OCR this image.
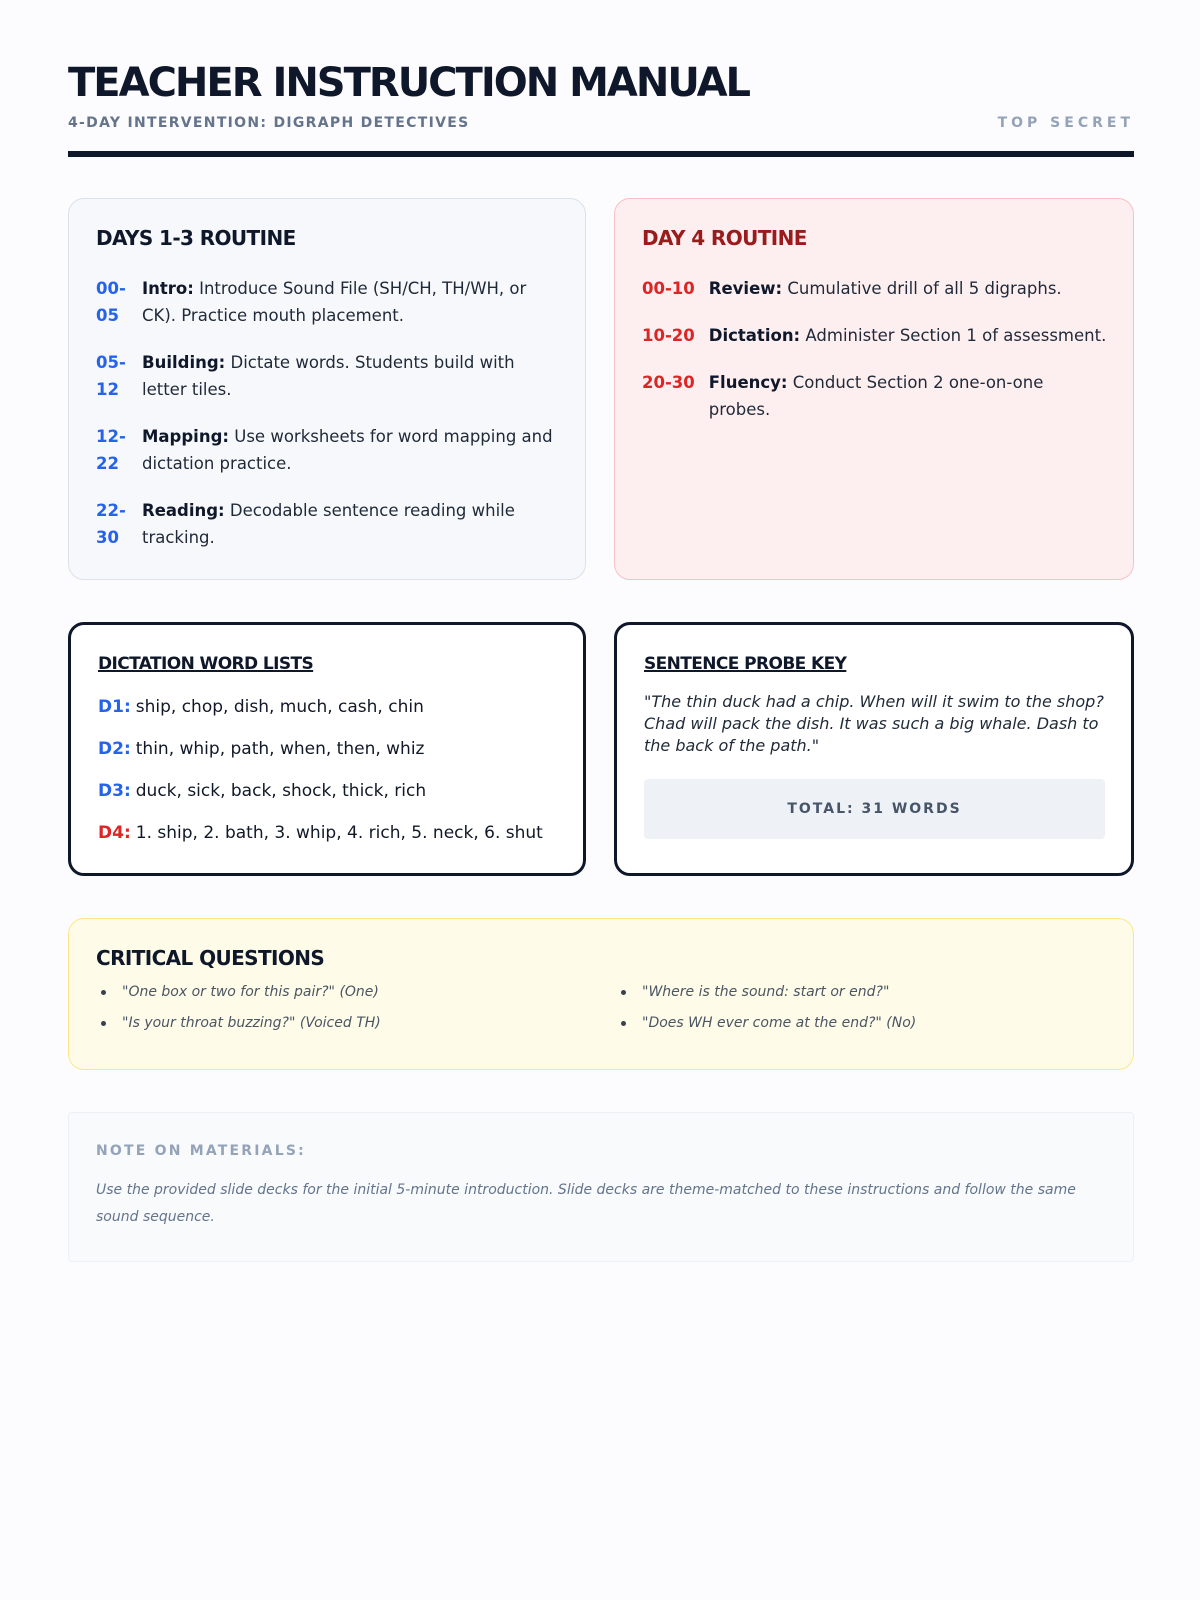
TEACHER INSTRUCTION MANUAL
4-DAY INTERVENTION: DIGRAPH DETECTIVES	TOP SECRET
DAYS 1-3 ROUTINE
00-05
Intro: Introduce Sound File (SH/CH, TH/WH, or CK). Practice mouth placement.
05-12
Building: Dictate words. Students build with letter tiles.
12-22
Mapping: Use worksheets for word mapping and dictation practice.
22-30
Reading: Decodable sentence reading while tracking.
DAY 4 ROUTINE
00-10 Review: Cumulative drill of all 5 digraphs.
10-20 Dictation: Administer Section 1 of assessment.
20-30 Fluency: Conduct Section 2 one-on-one probes.
DICTATION WORD LISTS
D1: ship, chop, dish, much, cash, chin
D2: thin, whip, path, when, then, whiz
D3: duck, sick, back, shock, thick, rich
D4: 1. ship, 2. bath, 3. whip, 4. rich, 5. neck, 6. shut
SENTENCE PROBE KEY

"The thin duck had a chip. When will it swim to the shop? Chad will pack the dish. It was such a big whale. Dash to the back of the path."

TOTAL: 31 WORDS
CRITICAL QUESTIONS
"One box or two for this pair?" (One)	"Where is the sound: start or end?"
"Is your throat buzzing?" (Voiced TH)	"Does WH ever come at the end?" (No)
NOTE ON MATERIALS:

Use the provided slide decks for the initial 5-minute introduction. Slide decks are theme-matched to these instructions and follow the same sound sequence.
